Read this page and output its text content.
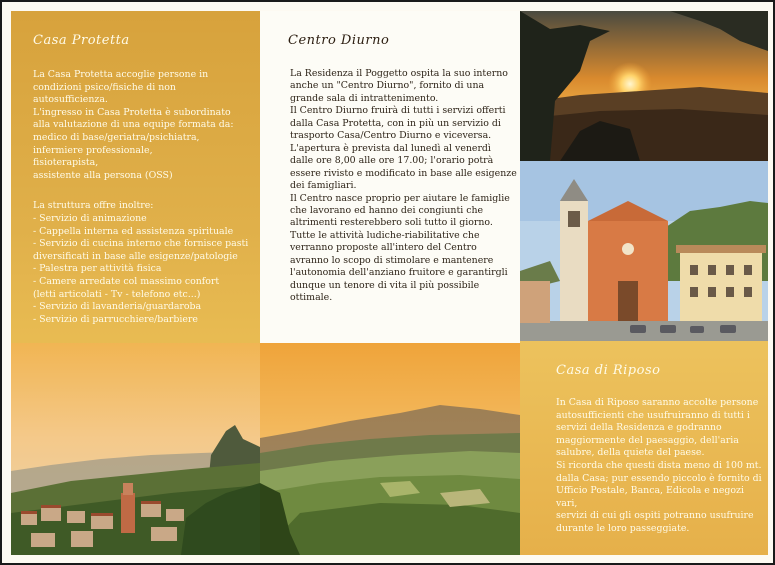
Casa Protetta
La Casa Protetta accoglie persone in
condizioni psico/fisiche di non
autosufficienza.
L'ingresso in Casa Protetta è subordinato
alla valutazione di una equipe formata da:
medico di base/geriatra/psichiatra,
infermiere professionale,
fisioterapista,
assistente alla persona (OSS)
La struttura offre inoltre:
- Servizio di animazione
- Cappella interna ed assistenza spirituale
- Servizio di cucina interno che fornisce pasti
diversificati in base alle esigenze/patologie
- Palestra per attività fisica
- Camere arredate col massimo confort
(letti articolati - Tv - telefono etc...)
- Servizio di lavanderia/guardaroba
- Servizio di parrucchiere/barbiere
Centro Diurno
La Residenza il Poggetto ospita la suo interno
anche un "Centro Diurno", fornito di una
grande sala di intrattenimento.
Il Centro Diurno fruirà di tutti i servizi offerti
dalla Casa Protetta, con in più un servizio di
trasporto Casa/Centro Diurno e viceversa.
L'apertura è prevista dal lunedì al venerdì
dalle ore 8,00 alle ore 17.00; l'orario potrà
essere rivisto e modificato in base alle esigenze
dei famigliari.
Il Centro nasce proprio per aiutare le famiglie
che lavorano ed hanno dei congiunti che
altrimenti resterebbero soli tutto il giorno.
Tutte le attività ludiche-riabilitative che
verranno proposte all'intero del Centro
avranno lo scopo di stimolare e mantenere
l'autonomia dell'anziano fruitore e garantirgli
dunque un tenore di vita il più possibile
ottimale.
Casa di Riposo
In Casa di Riposo saranno accolte persone
autosufficienti che usufruiranno di tutti i
servizi della Residenza e godranno
maggiormente del paesaggio, dell'aria
salubre, della quiete del paese.
Si ricorda che questi dista meno di 100 mt.
dalla Casa; pur essendo piccolo è fornito di
Ufficio Postale, Banca, Edicola e negozi vari,
servizi di cui gli ospiti potranno usufruire
durante le loro passeggiate.
